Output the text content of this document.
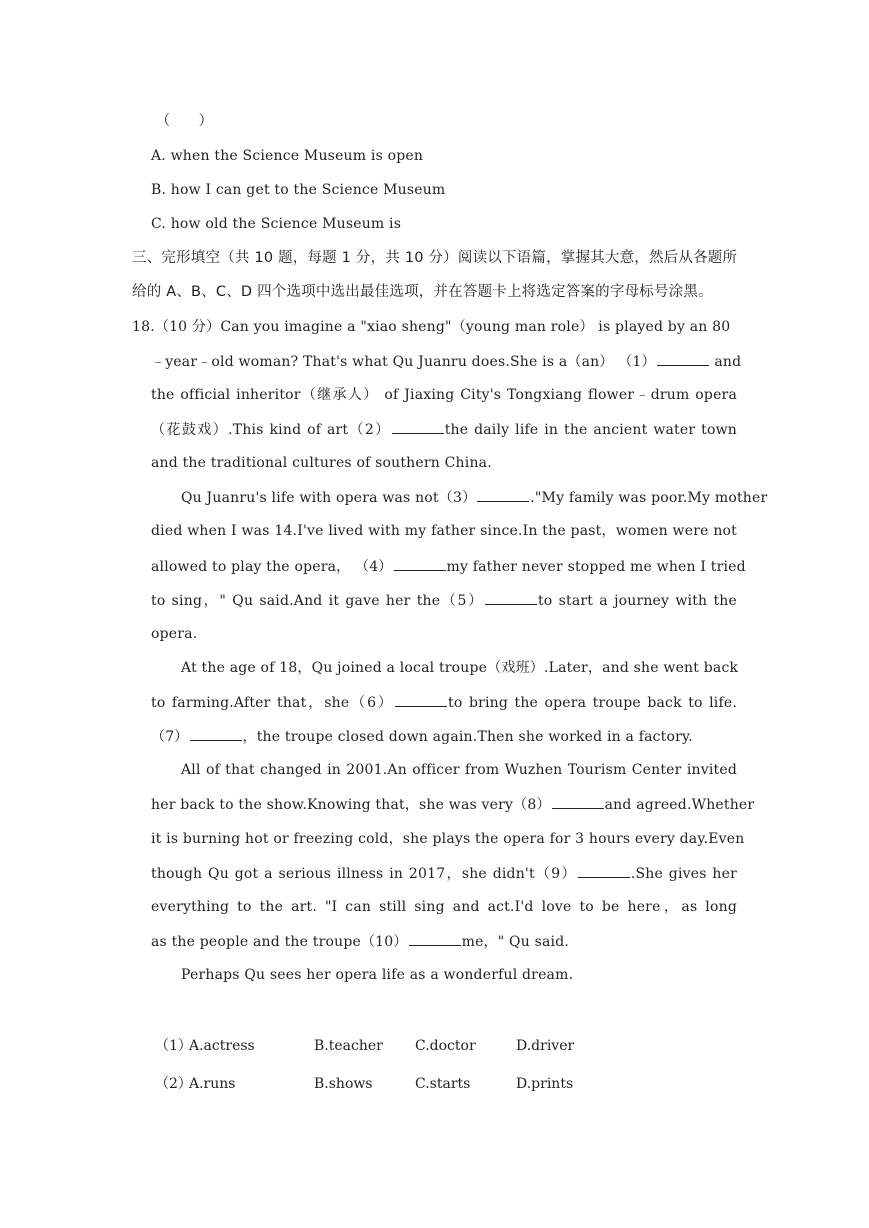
（　　）
A. when the Science Museum is open
B. how I can get to the Science Museum
C. how old the Science Museum is
三、完形填空（共 10 题，每题 1 分，共 10 分）阅读以下语篇，掌握其大意，然后从各题所
给的 A、B、C、D 四个选项中选出最佳选项，并在答题卡上将选定答案的字母标号涂黑。
18.（10 分）Can you imagine a "xiao sheng"（young man role） is played by an 80
﹣year﹣old woman? That's what Qu Juanru does.She is a（an） （1）	and
the official inheritor（继承人） of Jiaxing City's Tongxiang flower﹣drum opera
（花鼓戏）.This kind of art（2）	the daily life in the ancient water town
and the traditional cultures of southern China.
Qu Juanru's life with opera was not（3）	."My family was poor.My mother
died when I was 14.I've lived with my father since.In the past，women were not
allowed to play the opera， （4）	my father never stopped me when I tried
to sing，" Qu said.And it gave her the（5）	to start a journey with the
opera.
At the age of 18，Qu joined a local troupe（戏班）.Later，and she went back
to farming.After that，she（6）	to bring the opera troupe back to life.
（7）	，the troupe closed down again.Then she worked in a factory.
All of that changed in 2001.An officer from Wuzhen Tourism Center invited
her back to the show.Knowing that，she was very（8）	and agreed.Whether
it is burning hot or freezing cold，she plays the opera for 3 hours every day.Even
though Qu got a serious illness in 2017，she didn't（9）	.She gives her
everything to the art. "I can still sing and act.I'd love to be here，as long
as the people and the troupe（10）	me，" Qu said.
Perhaps Qu sees her opera life as a wonderful dream.
（1）
A.actress	B.teacher C.doctor	D.driver
（2）
A.runs	B.shows	C.starts	D.prints
